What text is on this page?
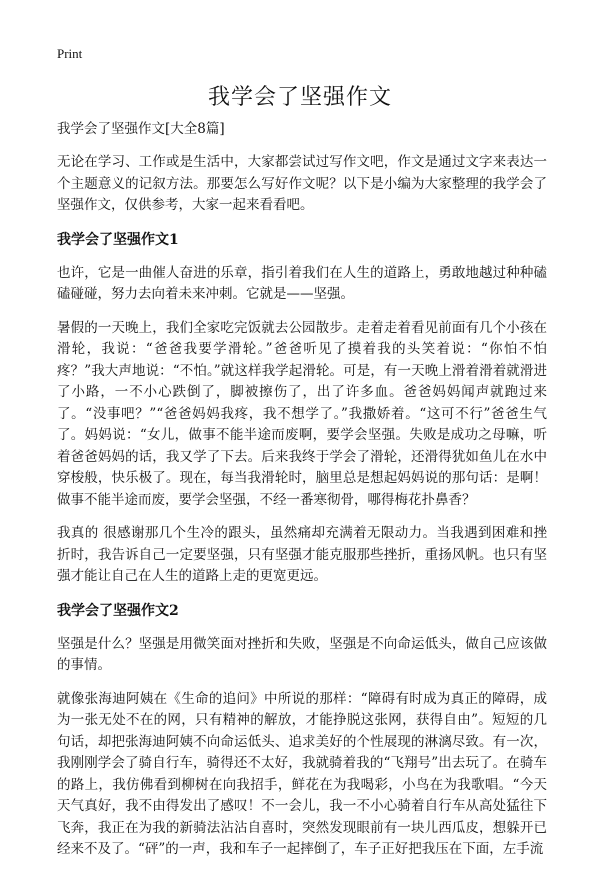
Print
我学会了坚强作文

我学会了坚强作文[大全8篇]

无论在学习、工作或是生活中，大家都尝试过写作文吧，作文是通过文字来表达一个主题意义的记叙方法。那要怎么写好作文呢？以下是小编为大家整理的我学会了坚强作文，仅供参考，大家一起来看看吧。

我学会了坚强作文1

也许，它是一曲催人奋进的乐章，指引着我们在人生的道路上，勇敢地越过种种磕磕碰碰，努力去向着未来冲刺。它就是——坚强。

暑假的一天晚上，我们全家吃完饭就去公园散步。走着走着看见前面有几个小孩在滑轮，我说：“爸爸我要学滑轮。”爸爸听见了摸着我的头笑着说：“你怕不怕疼？”我大声地说：“不怕。”就这样我学起滑轮。可是，有一天晚上滑着滑着就滑进了小路，一不小心跌倒了，脚被擦伤了，出了许多血。爸爸妈妈闻声就跑过来了。“没事吧？”“爸爸妈妈我疼，我不想学了。”我撒娇着。“这可不行”爸爸生气了。妈妈说：“女儿，做事不能半途而废啊，要学会坚强。失败是成功之母嘛，听着爸爸妈妈的话，我又学了下去。后来我终于学会了滑轮，还滑得犹如鱼儿在水中穿梭般，快乐极了。现在，每当我滑轮时，脑里总是想起妈妈说的那句话：是啊！做事不能半途而废，要学会坚强，不经一番寒彻骨，哪得梅花扑鼻香？

我真的 很感谢那几个生冷的跟头，虽然痛却充满着无限动力。当我遇到困难和挫折时，我告诉自己一定要坚强，只有坚强才能克服那些挫折，重扬风帆。也只有坚强才能让自己在人生的道路上走的更宽更远。

我学会了坚强作文2

坚强是什么？坚强是用微笑面对挫折和失败，坚强是不向命运低头，做自己应该做的事情。

就像张海迪阿姨在《生命的追问》中所说的那样：“障碍有时成为真正的障碍，成为一张无处不在的网，只有精神的解放，才能挣脱这张网，获得自由”。短短的几句话，却把张海迪阿姨不向命运低头、追求美好的个性展现的淋漓尽致。有一次，我刚刚学会了骑自行车，骑得还不太好，我就骑着我的“飞翔号”出去玩了。在骑车的路上，我仿佛看到柳树在向我招手，鲜花在为我喝彩，小鸟在为我歌唱。“今天天气真好，我不由得发出了感叹！不一会儿，我一不小心骑着自行车从高处猛往下飞奔，我正在为我的新骑法沾沾自喜时，突然发现眼前有一块儿西瓜皮，想躲开已经来不及了。“砰”的一声，我和车子一起摔倒了，车子正好把我压在下面，左手流
